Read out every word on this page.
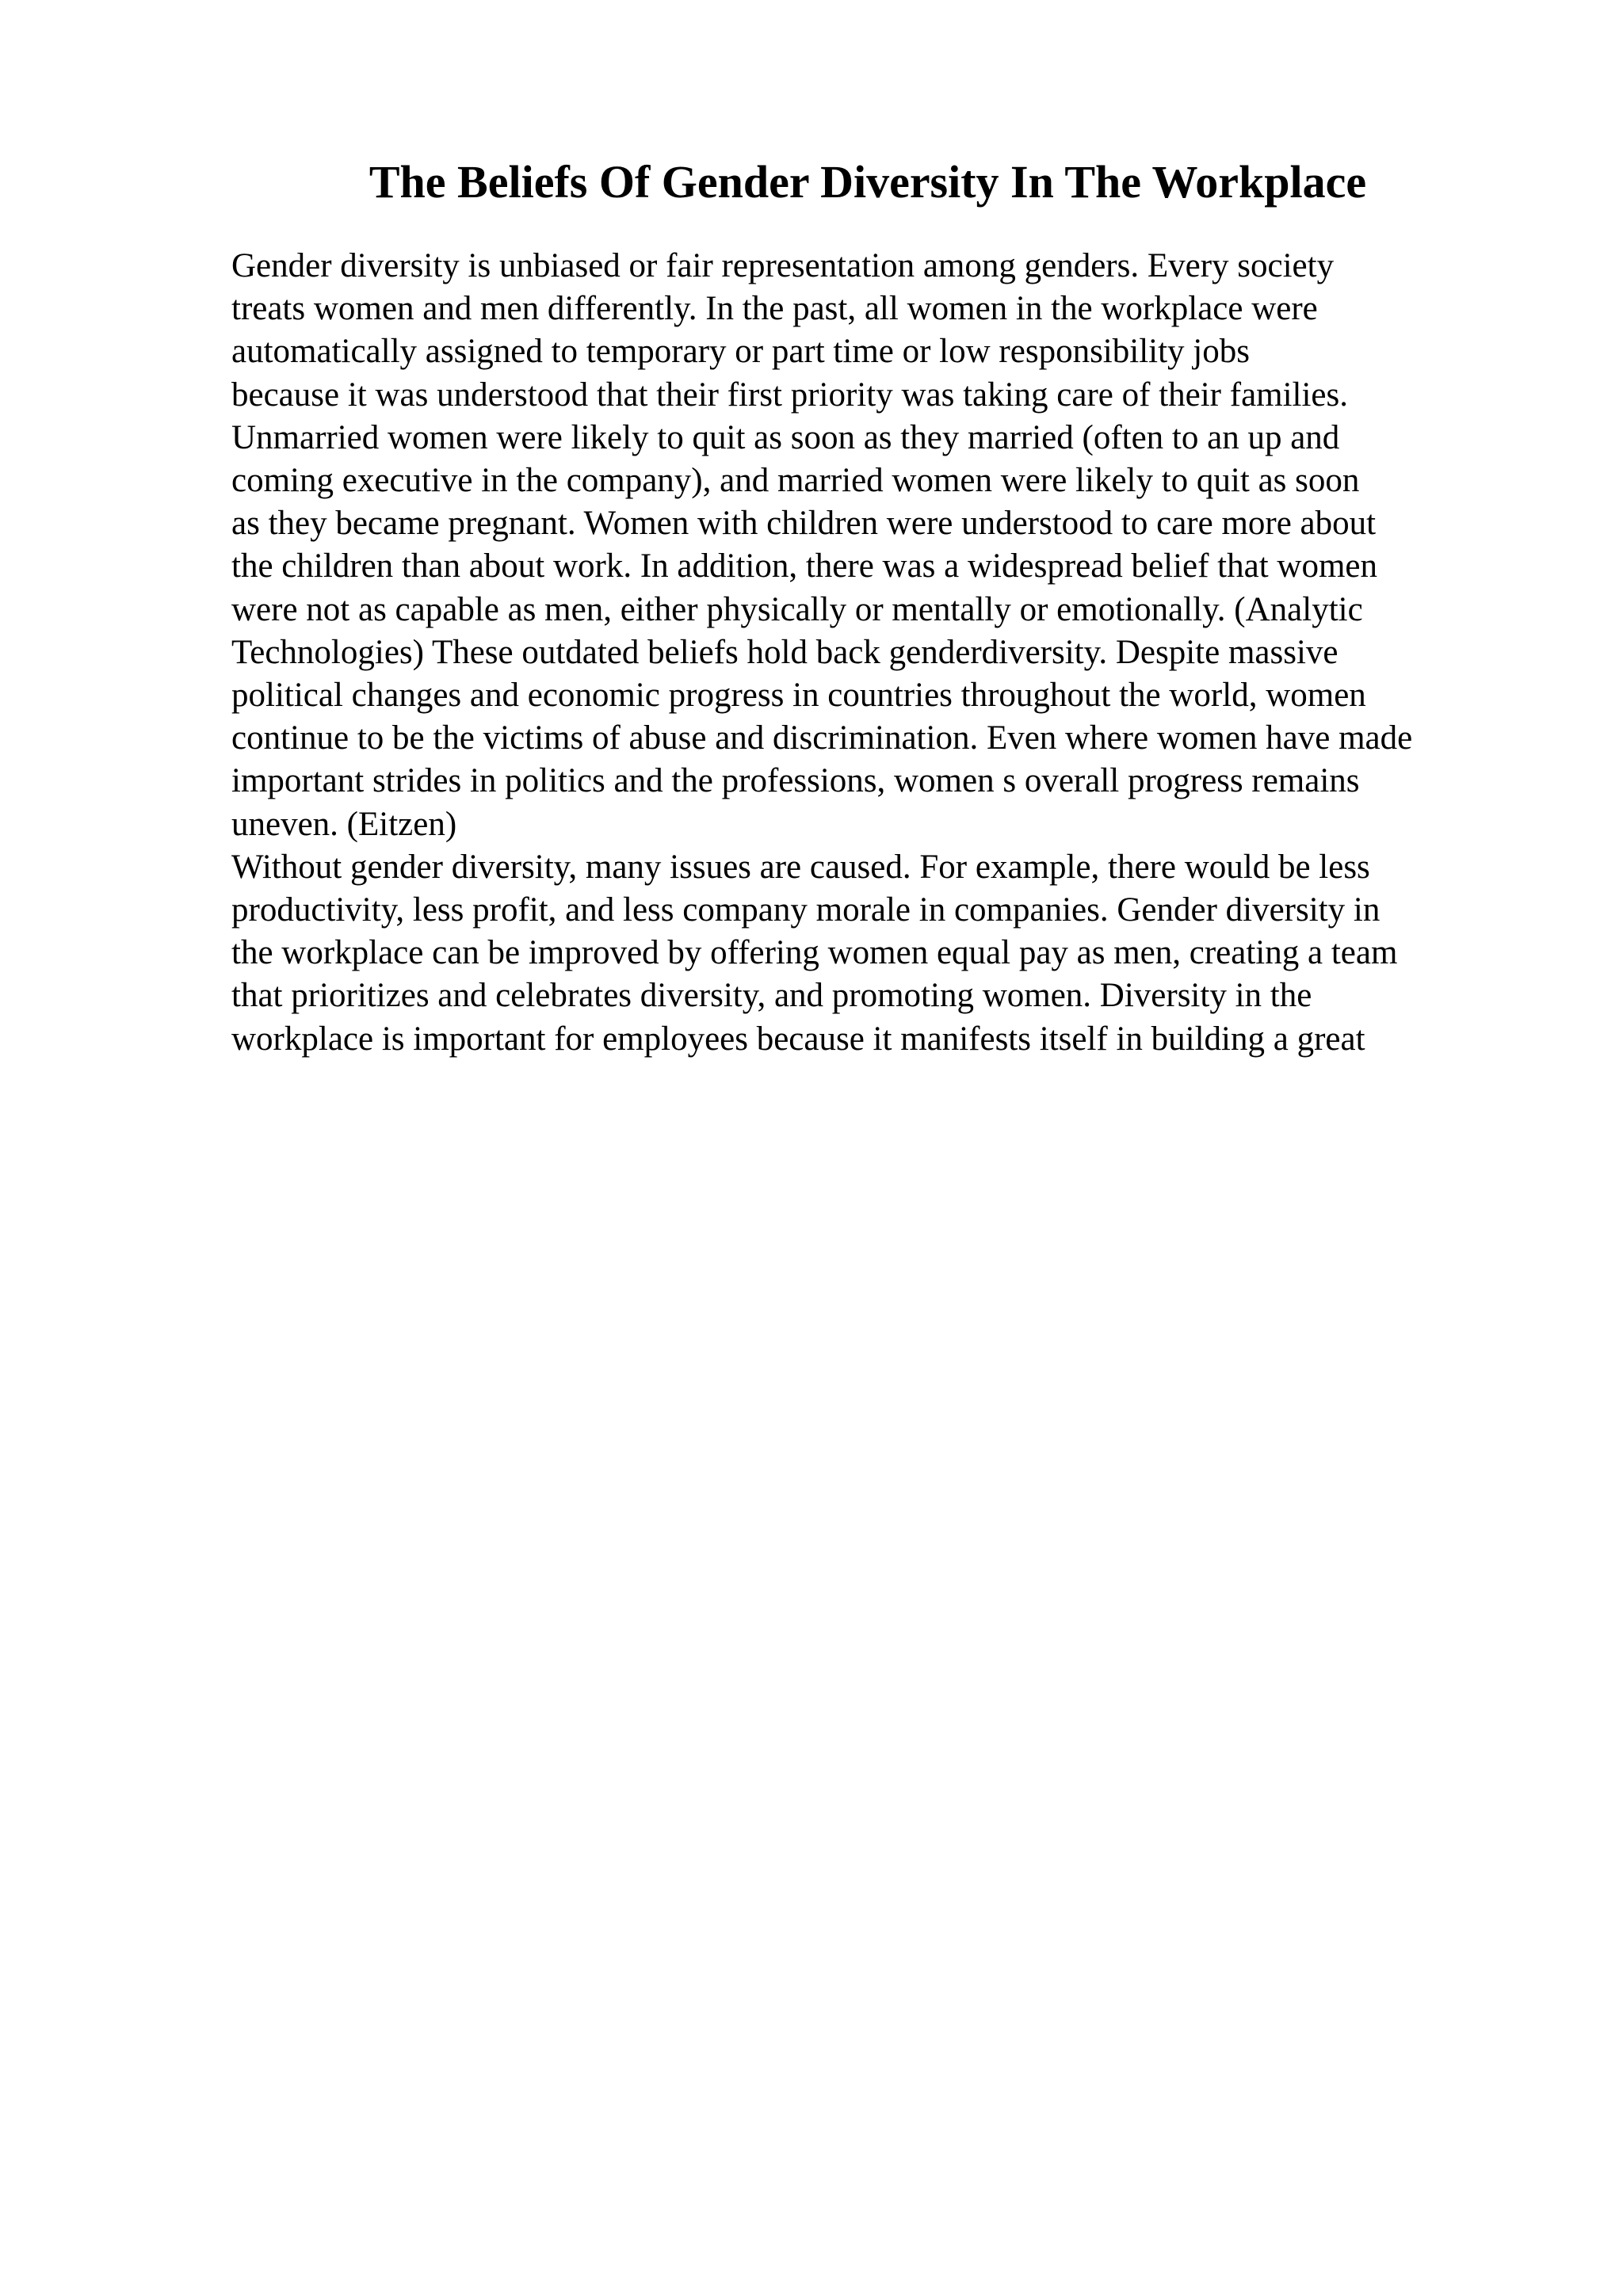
The Beliefs Of Gender Diversity In The Workplace
Gender diversity is unbiased or fair representation among genders. Every society
treats women and men differently. In the past, all women in the workplace were
automatically assigned to temporary or part time or low responsibility jobs
because it was understood that their first priority was taking care of their families.
Unmarried women were likely to quit as soon as they married (often to an up and
coming executive in the company), and married women were likely to quit as soon
as they became pregnant. Women with children were understood to care more about
the children than about work. In addition, there was a widespread belief that women
were not as capable as men, either physically or mentally or emotionally. (Analytic
Technologies) These outdated beliefs hold back genderdiversity. Despite massive
political changes and economic progress in countries throughout the world, women
continue to be the victims of abuse and discrimination. Even where women have made
important strides in politics and the professions, women s overall progress remains
uneven. (Eitzen)
Without gender diversity, many issues are caused. For example, there would be less
productivity, less profit, and less company morale in companies. Gender diversity in
the workplace can be improved by offering women equal pay as men, creating a team
that prioritizes and celebrates diversity, and promoting women. Diversity in the
workplace is important for employees because it manifests itself in building a great
